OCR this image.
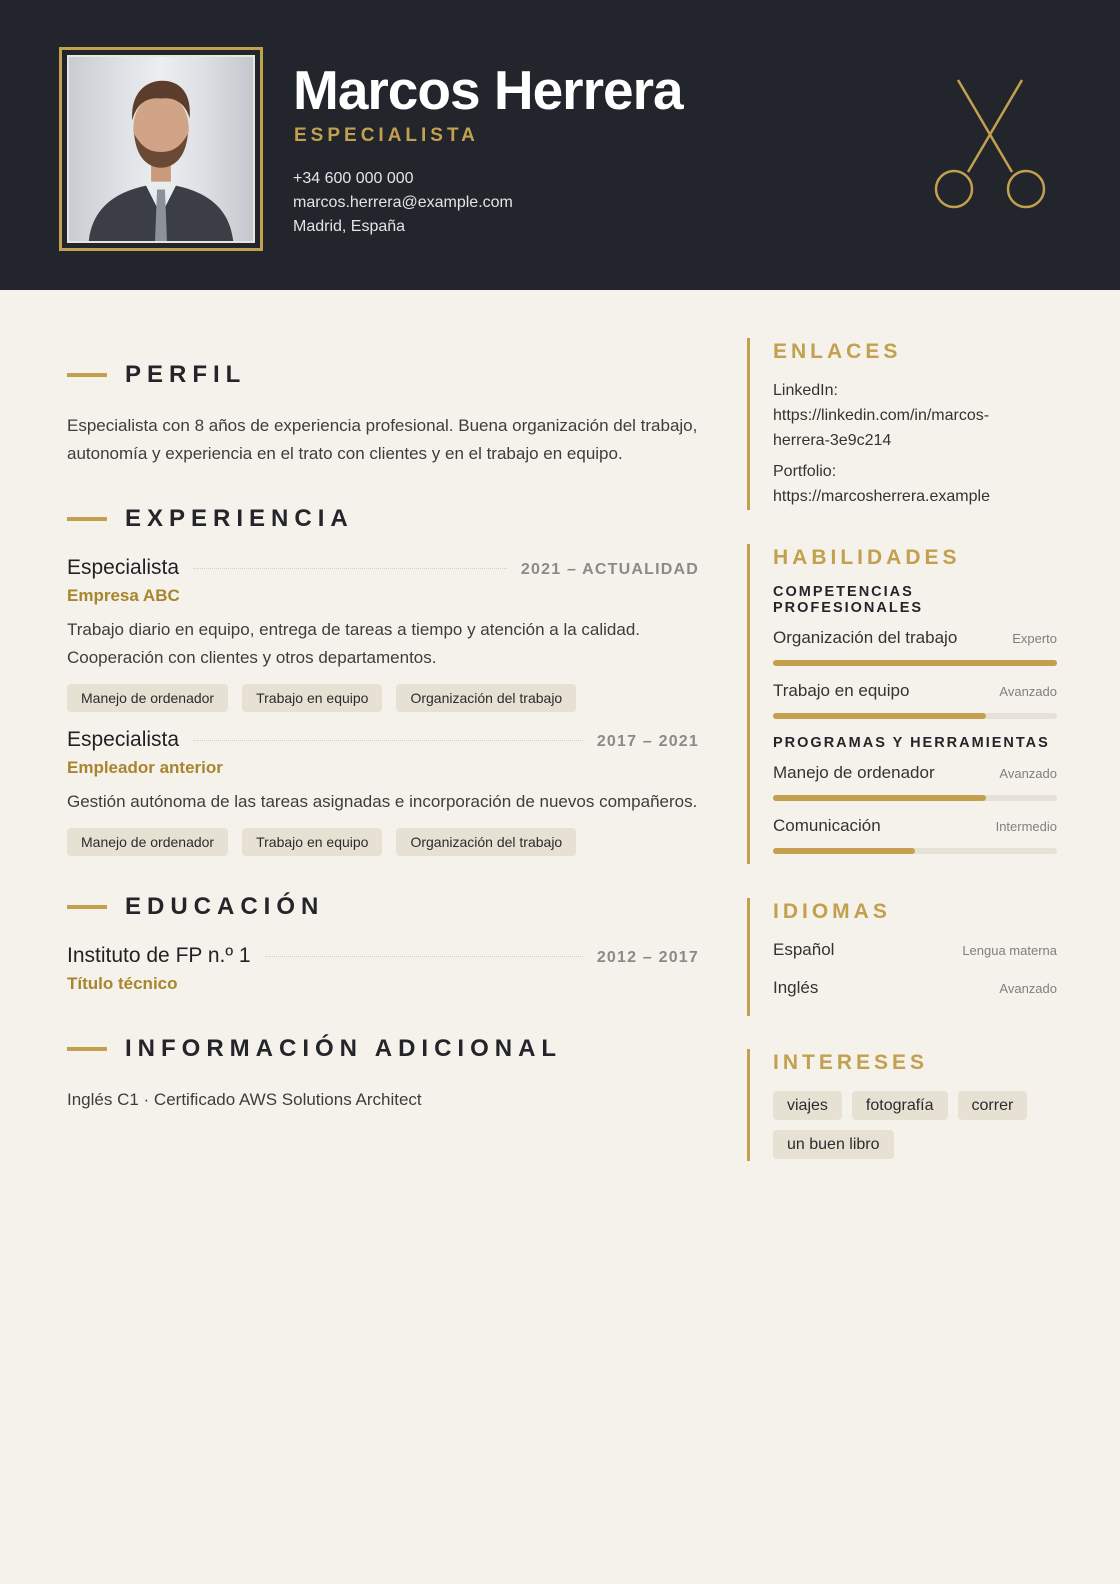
Marcos Herrera
ESPECIALISTA
+34 600 000 000
marcos.herrera@example.com
Madrid, España
PERFIL
Especialista con 8 años de experiencia profesional. Buena organización del trabajo, autonomía y experiencia en el trato con clientes y en el trabajo en equipo.
EXPERIENCIA
Especialista	2021 – ACTUALIDAD
Empresa ABC
Trabajo diario en equipo, entrega de tareas a tiempo y atención a la calidad. Cooperación con clientes y otros departamentos.
Manejo de ordenador	Trabajo en equipo	Organización del trabajo
Especialista	2017 – 2021
Empleador anterior
Gestión autónoma de las tareas asignadas e incorporación de nuevos compañeros.
Manejo de ordenador	Trabajo en equipo	Organización del trabajo
EDUCACIÓN
Instituto de FP n.º 1	2012 – 2017
Título técnico
INFORMACIÓN ADICIONAL
Inglés C1 · Certificado AWS Solutions Architect
ENLACES
LinkedIn:
https://linkedin.com/in/marcos-
herrera-3e9c214
Portfolio:
https://marcosherrera.example
HABILIDADES
COMPETENCIAS PROFESIONALES
Organización del trabajo	Experto
Trabajo en equipo	Avanzado
PROGRAMAS Y HERRAMIENTAS
Manejo de ordenador	Avanzado
Comunicación	Intermedio
IDIOMAS
Español	Lengua materna
Inglés	Avanzado
INTERESES
viajes	fotografía	correr
un buen libro
